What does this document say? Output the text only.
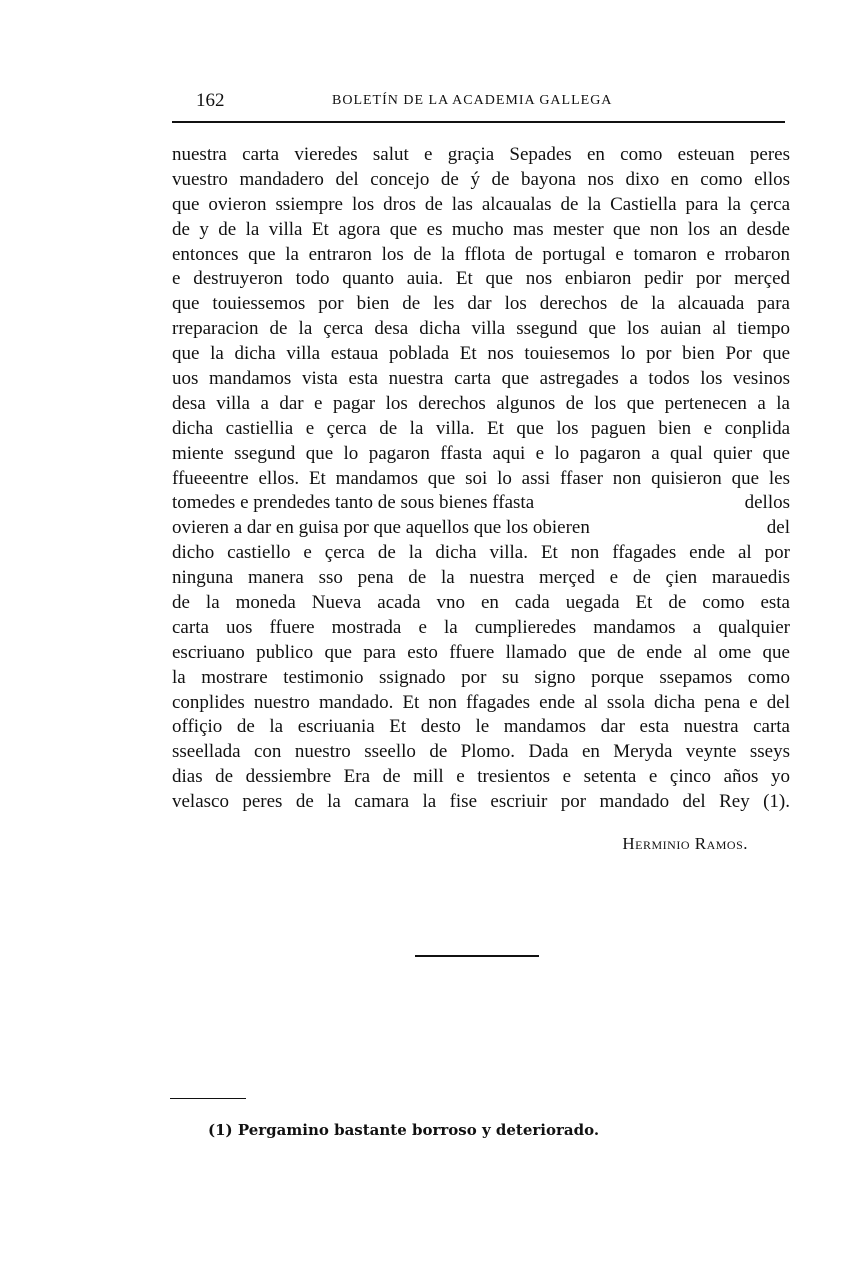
162	BOLETÍN DE LA ACADEMIA GALLEGA
nuestra carta vieredes salut e graçia Sepades en como esteuan peres
vuestro mandadero del concejo de ý de bayona nos dixo en como ellos
que ovieron ssiempre los dros de las alcaualas de la Castiella para la çerca
de y de la villa Et agora que es mucho mas mester que non los an desde
entonces que la entraron los de la fflota de portugal e tomaron e rrobaron
e destruyeron todo quanto auia. Et que nos enbiaron pedir por merçed
que touiessemos por bien de les dar los derechos de la alcauada para
rreparacion de la çerca desa dicha villa ssegund que los auian al tiempo
que la dicha villa estaua poblada Et nos touiesemos lo por bien Por que
uos mandamos vista esta nuestra carta que astregades a todos los vesinos
desa villa a dar e pagar los derechos algunos de los que pertenecen a la
dicha castiellia e çerca de la villa. Et que los paguen bien e conplida
miente ssegund que lo pagaron ffasta aqui e lo pagaron a qual quier que
ffueeentre ellos. Et mandamos que soi lo assi ffaser non quisieron que les
tomedes e prendedes tanto de sous bienes ffasta	dellos
ovieren a dar en guisa por que aquellos que los obieren	del
dicho castiello e çerca de la dicha villa. Et non ffagades ende al por
ninguna manera sso pena de la nuestra merçed e de çien marauedis
de la moneda Nueva acada vno en cada uegada Et de como esta
carta uos ffuere mostrada e la cumplieredes mandamos a qualquier
escriuano publico que para esto ffuere llamado que de ende al ome que
la mostrare testimonio ssignado por su signo porque ssepamos como
conplides nuestro mandado. Et non ffagades ende al ssola dicha pena e del
offiçio de la escriuania Et desto le mandamos dar esta nuestra carta
sseellada con nuestro sseello de Plomo. Dada en Meryda veynte sseys
dias de dessiembre Era de mill e tresientos e setenta e çinco años yo
velasco peres de la camara la fise escriuir por mandado del Rey (1).
Herminio Ramos.
(1) Pergamino bastante borroso y deteriorado.
